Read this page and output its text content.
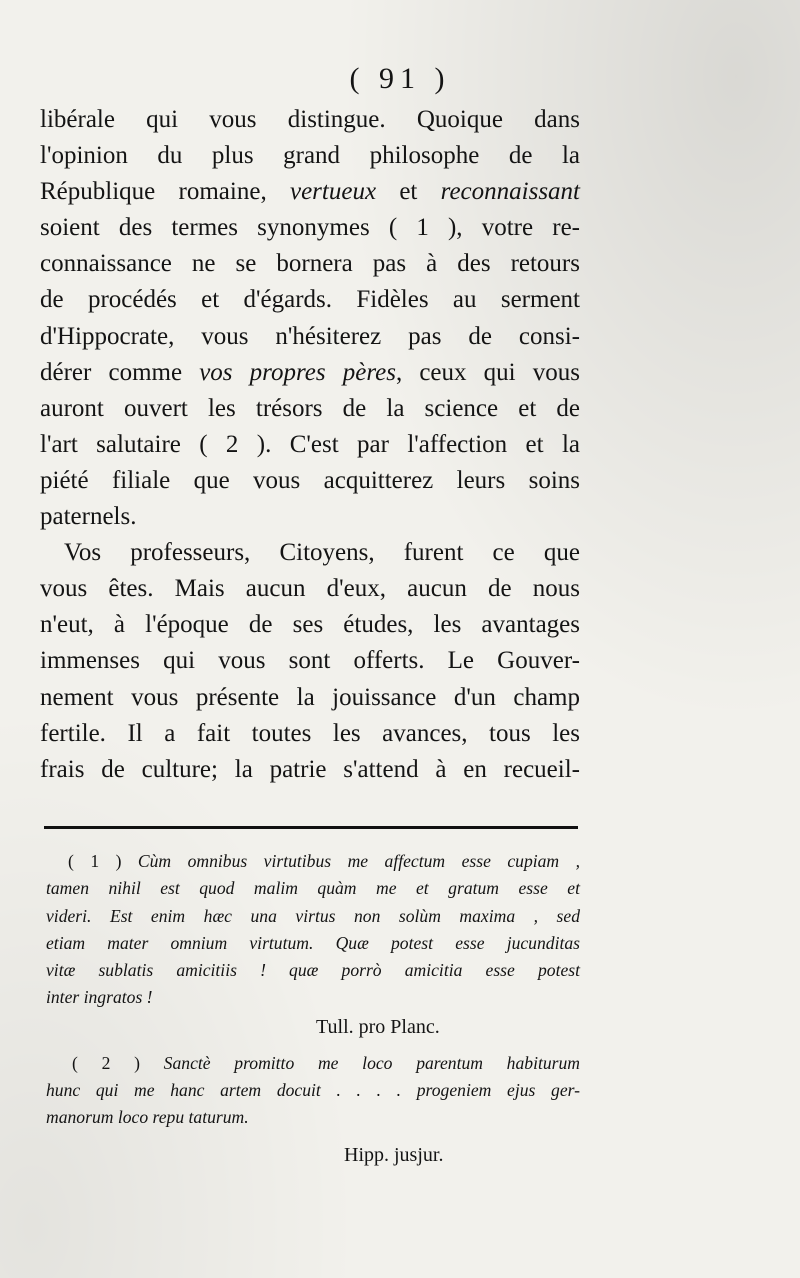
( 91 )
libérale qui vous distingue. Quoique dans
l'opinion du plus grand philosophe de la
République romaine, vertueux et reconnaissant
soient des termes synonymes ( 1 ), votre re-
connaissance ne se bornera pas à des retours
de procédés et d'égards. Fidèles au serment
d'Hippocrate, vous n'hésiterez pas de consi-
dérer comme vos propres pères, ceux qui vous
auront ouvert les trésors de la science et de
l'art salutaire ( 2 ). C'est par l'affection et la
piété filiale que vous acquitterez leurs soins
paternels.
Vos professeurs, Citoyens, furent ce que
vous êtes. Mais aucun d'eux, aucun de nous
n'eut, à l'époque de ses études, les avantages
immenses qui vous sont offerts. Le Gouver-
nement vous présente la jouissance d'un champ
fertile. Il a fait toutes les avances, tous les
frais de culture; la patrie s'attend à en recueil-
( 1 ) Cùm omnibus virtutibus me affectum esse cupiam ,
tamen nihil est quod malim quàm me et gratum esse et
videri. Est enim hæc una virtus non solùm maxima , sed
etiam mater omnium virtutum. Quæ potest esse jucunditas
vitæ sublatis amicitiis ! quæ porrò amicitia esse potest
inter ingratos !
Tull. pro Planc.
( 2 ) Sanctè promitto me loco parentum habiturum
hunc qui me hanc artem docuit . . . . progeniem ejus ger-
manorum loco repu taturum.
Hipp. jusjur.
